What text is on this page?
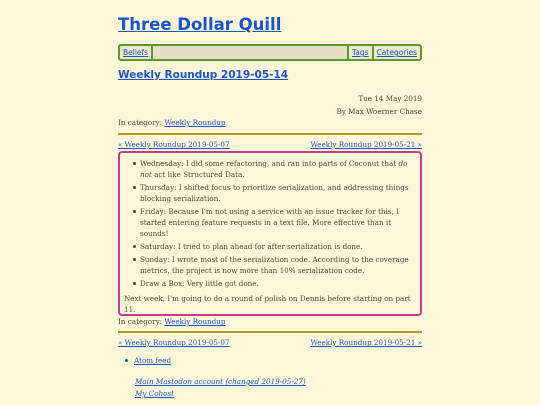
Three Dollar Quill
Beliefs	Tags	Categories
Weekly Roundup 2019-05-14
Tue 14 May 2019
By Max Woerner Chase
In category: Weekly Roundup
« Weekly Roundup 2019-05-07	Weekly Roundup 2019-05-21 »
Wednesday: I did some refactoring, and ran into parts of Coconut that do not act like Structured Data.
Thursday: I shifted focus to prioritize serialization, and addressing things blocking serialization.
Friday: Because I'm not using a service with an issue tracker for this, I started entering feature requests in a text file. More effective than it sounds!
Saturday: I tried to plan ahead for after serialization is done.
Sunday: I wrote most of the serialization code. According to the coverage metrics, the project is now more than 10% serialization code.
Draw a Box: Very little got done.

Next week, I'm going to do a round of polish on Dennis before starting on part 11.

In category: Weekly Roundup
« Weekly Roundup 2019-05-07	Weekly Roundup 2019-05-21 »
Atom feed
Main Mastodon account (changed 2019-05-27)
My Cohost
